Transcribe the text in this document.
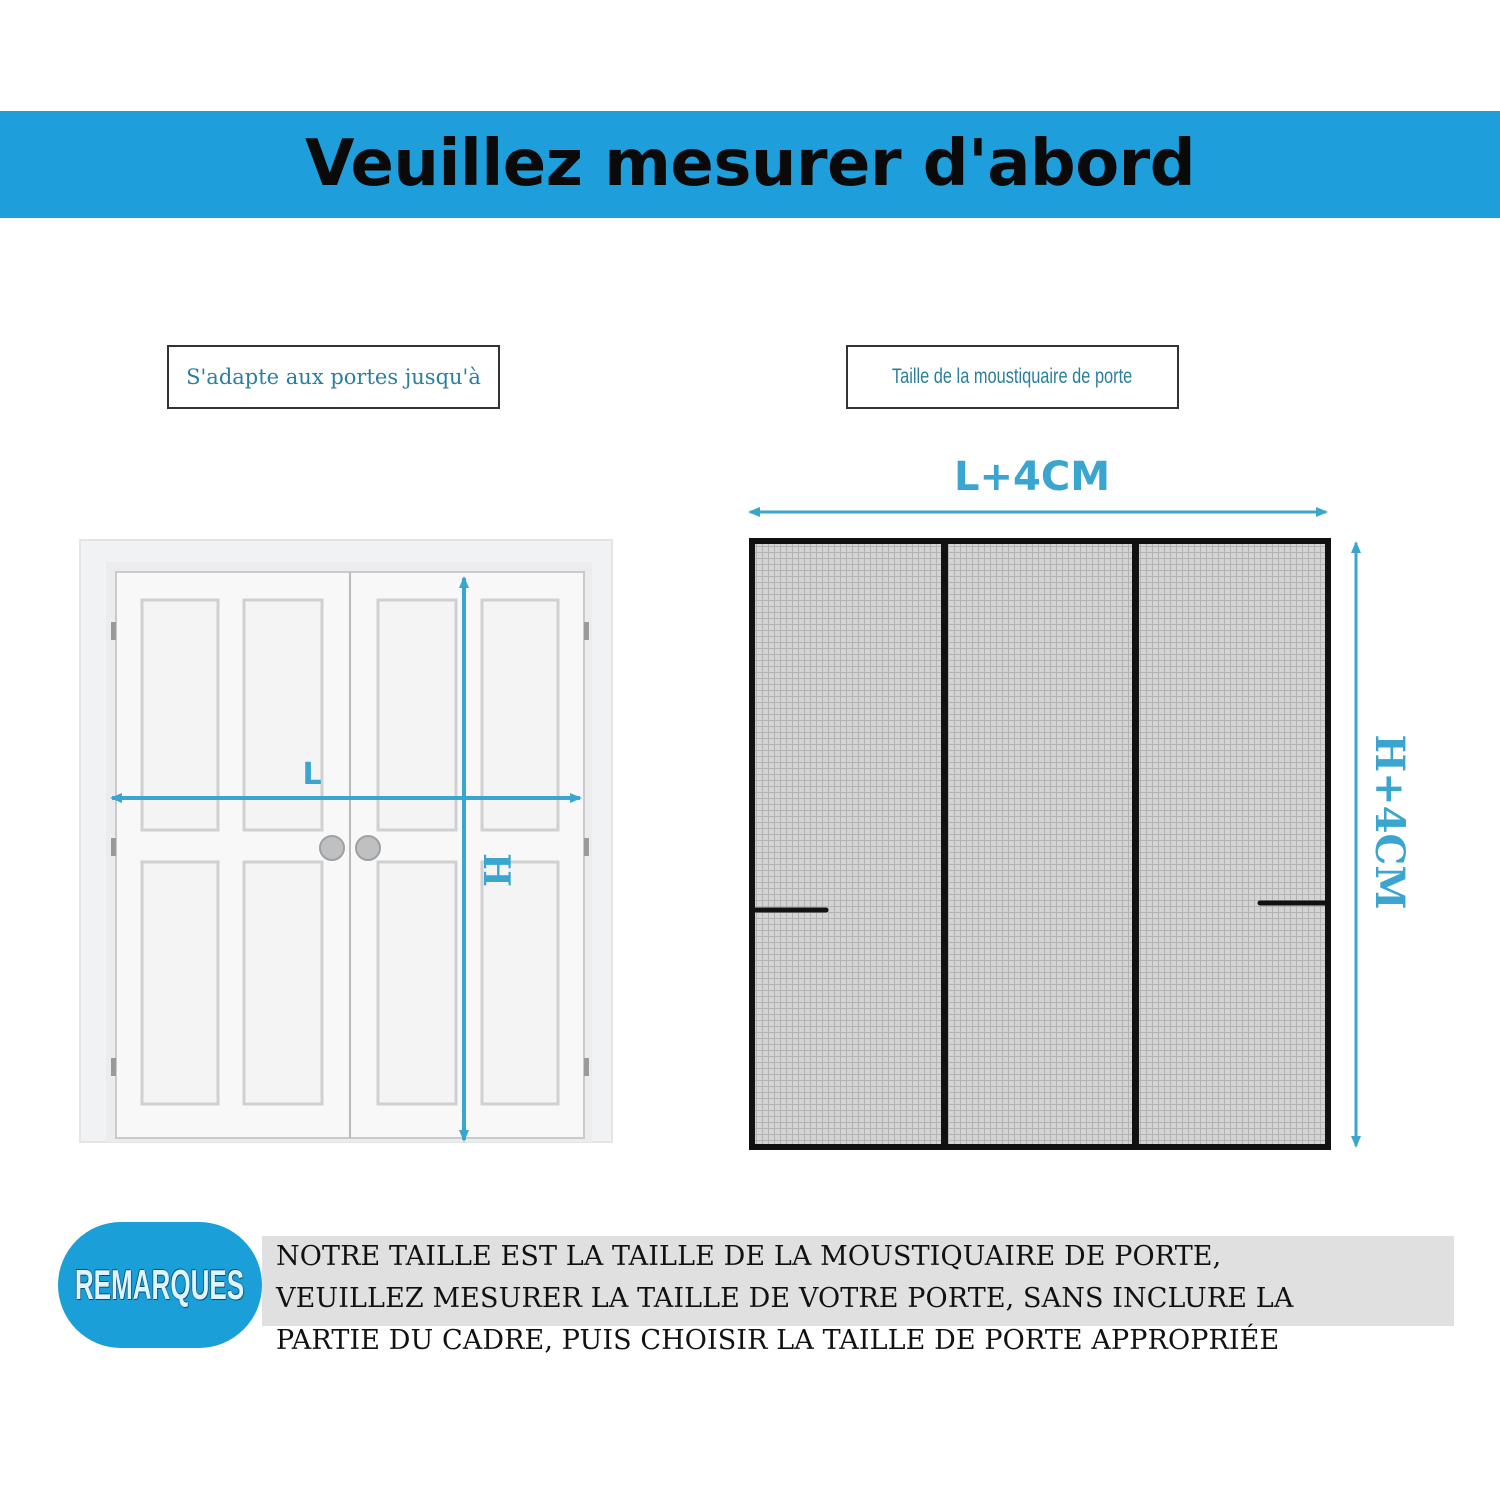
Veuillez mesurer d'abord
S'adapte aux portes jusqu'à	Taille de la moustiquaire de porte
L
H
L+4CM
H+4CM
REMARQUES
NOTRE TAILLE EST LA TAILLE DE LA MOUSTIQUAIRE DE PORTE,
VEUILLEZ MESURER LA TAILLE DE VOTRE PORTE, SANS INCLURE LA
PARTIE DU CADRE, PUIS CHOISIR LA TAILLE DE PORTE APPROPRIÉE
